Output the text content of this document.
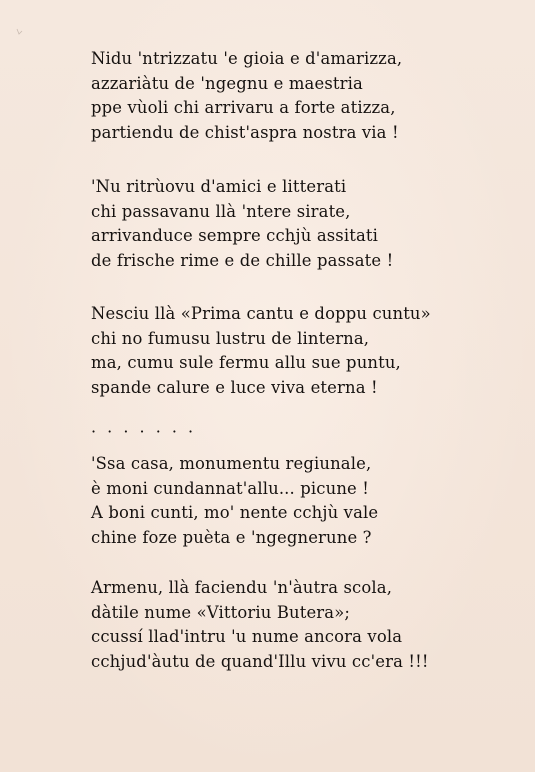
Nidu 'ntrizzatu 'e gioia e d'amarizza,
azzariàtu de 'ngegnu e maestria
ppe vùoli chi arrivaru a forte atizza,
partiendu de chist'aspra nostra via !
'Nu ritrùovu d'amici e litterati
chi passavanu llà 'ntere sirate,
arrivanduce sempre cchjù assitati
de frische rime e de chille passate !
Nesciu llà «Prima cantu e doppu cuntu»
chi no fumusu lustru de linterna,
ma, cumu sule fermu allu sue puntu,
spande calure e luce viva eterna !
· · · · · · ·
'Ssa casa, monumentu regiunale,
è moni cundannat'allu... picune !
A boni cunti, mo' nente cchjù vale
chine foze puèta e 'ngegnerune ?
Armenu, llà faciendu 'n'àutra scola,
dàtile nume «Vittoriu Butera»;
ccussí llad'intru 'u nume ancora vola
cchjud'àutu de quand'Illu vivu cc'era !!!
